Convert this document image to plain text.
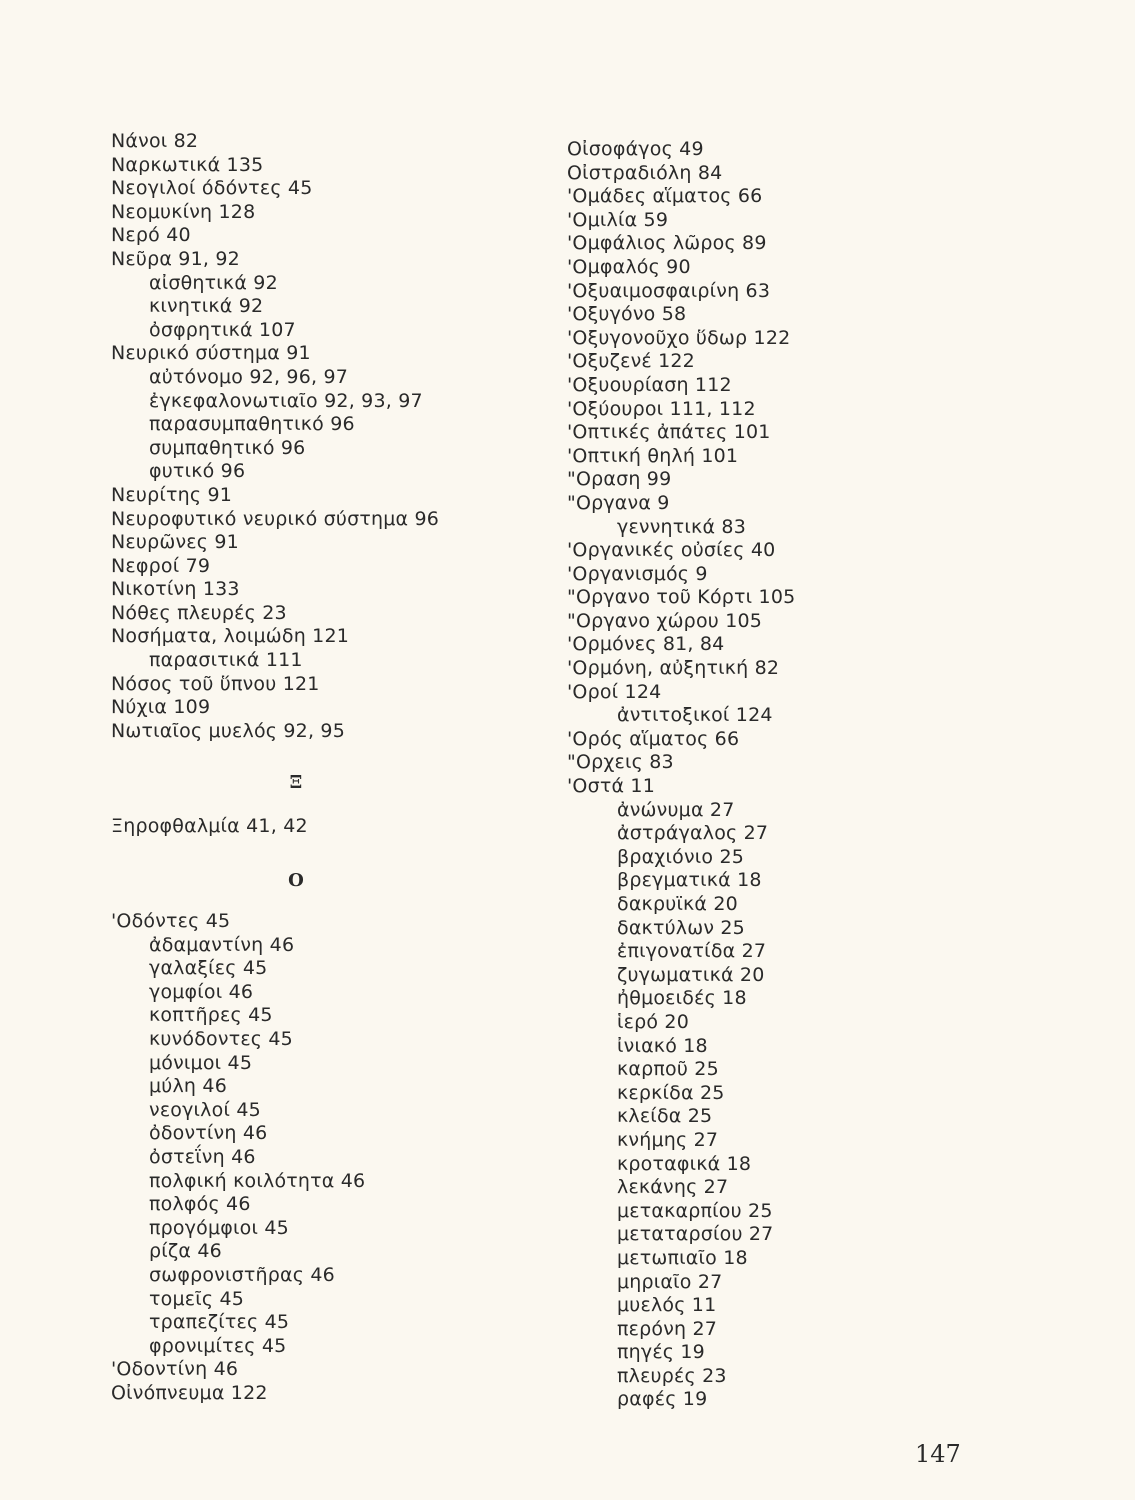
Νάνοι 82
Ναρκωτικά 135
Νεογιλοί όδόντες 45
Νεομυκίνη 128
Νερό 40
Νεῦρα 91, 92
αἰσθητικά 92
κινητικά 92
ὀσφρητικά 107
Νευρικό σύστημα 91
αὐτόνομο 92, 96, 97
ἐγκεφαλονωτιαῖο 92, 93, 97
παρασυμπαθητικό 96
συμπαθητικό 96
φυτικό 96
Νευρίτης 91
Νευροφυτικό νευρικό σύστημα 96
Νευρῶνες 91
Νεφροί 79
Νικοτίνη 133
Νόθες πλευρές 23
Νοσήματα, λοιμώδη 121
παρασιτικά 111
Νόσος τοῦ ὕπνου 121
Νύχια 109
Νωτιαῖος μυελός 92, 95
Ξ
Ξηροφθαλμία 41, 42
O
'Οδόντες 45
ἀδαμαντίνη 46
γαλαξίες 45
γομφίοι 46
κοπτῆρες 45
κυνόδοντες 45
μόνιμοι 45
μύλη 46
νεογιλοί 45
ὀδοντίνη 46
ὀστεΐνη 46
πολφική κοιλότητα 46
πολφός 46
προγόμφιοι 45
ρίζα 46
σωφρονιστῆρας 46
τομεῖς 45
τραπεζίτες 45
φρονιμίτες 45
'Οδοντίνη 46
Οἰνόπνευμα 122
Οἰσοφάγος 49
Οἰστραδιόλη 84
'Ομάδες αἵματος 66
'Ομιλία 59
'Ομφάλιος λῶρος 89
'Ομφαλός 90
'Οξυαιμοσφαιρίνη 63
'Οξυγόνο 58
'Οξυγονοῦχο ὕδωρ 122
'Οξυζενέ 122
'Οξυουρίαση 112
'Οξύουροι 111, 112
'Οπτικές ἀπάτες 101
'Οπτική θηλή 101
"Οραση 99
"Οργανα 9
γεννητικά 83
'Οργανικές οὐσίες 40
'Οργανισμός 9
"Οργανο τοῦ Κόρτι 105
"Οργανο χώρου 105
'Ορμόνες 81, 84
'Ορμόνη, αὐξητική 82
'Οροί 124
ἀντιτοξικοί 124
'Ορός αἵματος 66
"Ορχεις 83
'Οστά 11
ἀνώνυμα 27
ἀστράγαλος 27
βραχιόνιο 25
βρεγματικά 18
δακρυϊκά 20
δακτύλων 25
ἐπιγονατίδα 27
ζυγωματικά 20
ἠθμοειδές 18
ἱερό 20
ἰνιακό 18
καρποῦ 25
κερκίδα 25
κλείδα 25
κνήμης 27
κροταφικά 18
λεκάνης 27
μετακαρπίου 25
μεταταρσίου 27
μετωπιαῖο 18
μηριαῖο 27
μυελός 11
περόνη 27
πηγές 19
πλευρές 23
ραφές 19
147
